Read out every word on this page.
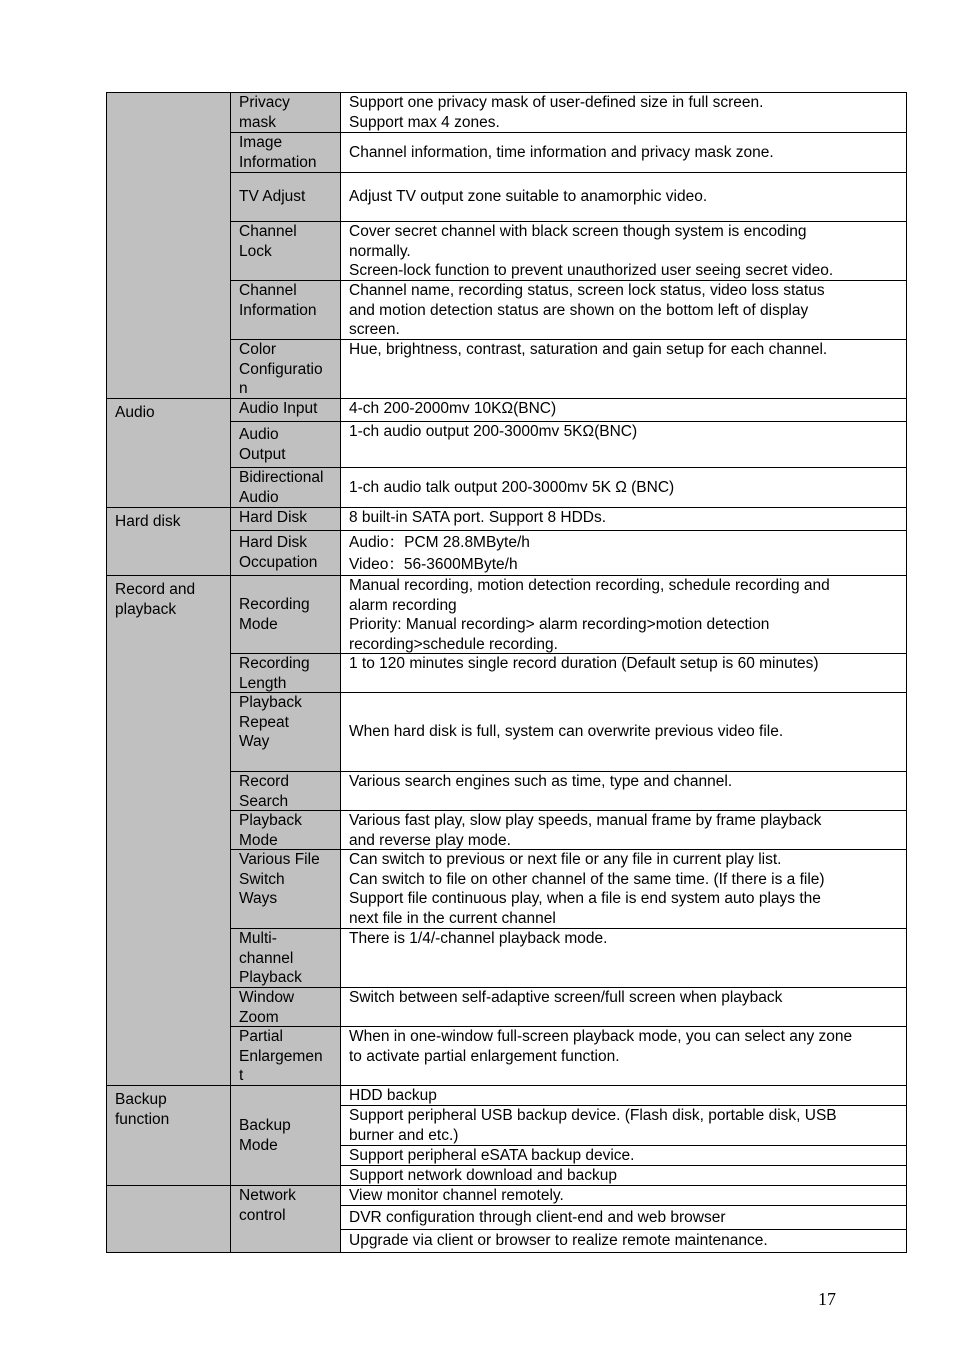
Audio
Hard disk
Record and
playback
Backup
function
Privacy
mask
Image
Information
TV Adjust
Channel
Lock
Channel
Information
Color
Configuratio
n
Audio Input
Audio
Output
Bidirectional
Audio
Hard Disk
Hard Disk
Occupation
Recording
Mode
Recording
Length
Playback
Repeat
Way
Record
Search
Playback
Mode
Various File
Switch
Ways
Multi-
channel
Playback
Window
Zoom
Partial
Enlargemen
t
Backup
Mode
Network
control
Support one privacy mask of user-defined size in full screen.
Support max 4 zones.
Channel information, time information and privacy mask zone.
Adjust TV output zone suitable to anamorphic video.
Cover secret channel with black screen though system is encoding
normally.
Screen-lock function to prevent unauthorized user seeing secret video.
Channel name, recording status, screen lock status, video loss status
and motion detection status are shown on the bottom left of display
screen.
Hue, brightness, contrast, saturation and gain setup for each channel.
4-ch 200-2000mv 10KΩ(BNC)
1-ch audio output 200-3000mv 5KΩ(BNC)
1-ch audio talk output 200-3000mv 5K Ω (BNC)
8 built-in SATA port. Support 8 HDDs.
Audio：PCM 28.8MByte/h
Video：56-3600MByte/h
Manual recording, motion detection recording, schedule recording and
alarm recording
Priority: Manual recording> alarm recording>motion detection
recording>schedule recording.
1 to 120 minutes single record duration (Default setup is 60 minutes)
When hard disk is full, system can overwrite previous video file.
Various search engines such as time, type and channel.
Various fast play, slow play speeds, manual frame by frame playback
and reverse play mode.
Can switch to previous or next file or any file in current play list.
Can switch to file on other channel of the same time. (If there is a file)
Support file continuous play, when a file is end system auto plays the
next file in the current channel
There is 1/4/-channel playback mode.
Switch between self-adaptive screen/full screen when playback
When in one-window full-screen playback mode, you can select any zone
to activate partial enlargement function.
HDD backup
Support peripheral USB backup device. (Flash disk, portable disk, USB
burner and etc.)
Support peripheral eSATA backup device.
Support network download and backup
View monitor channel remotely.
DVR configuration through client-end and web browser
Upgrade via client or browser to realize remote maintenance.
17
